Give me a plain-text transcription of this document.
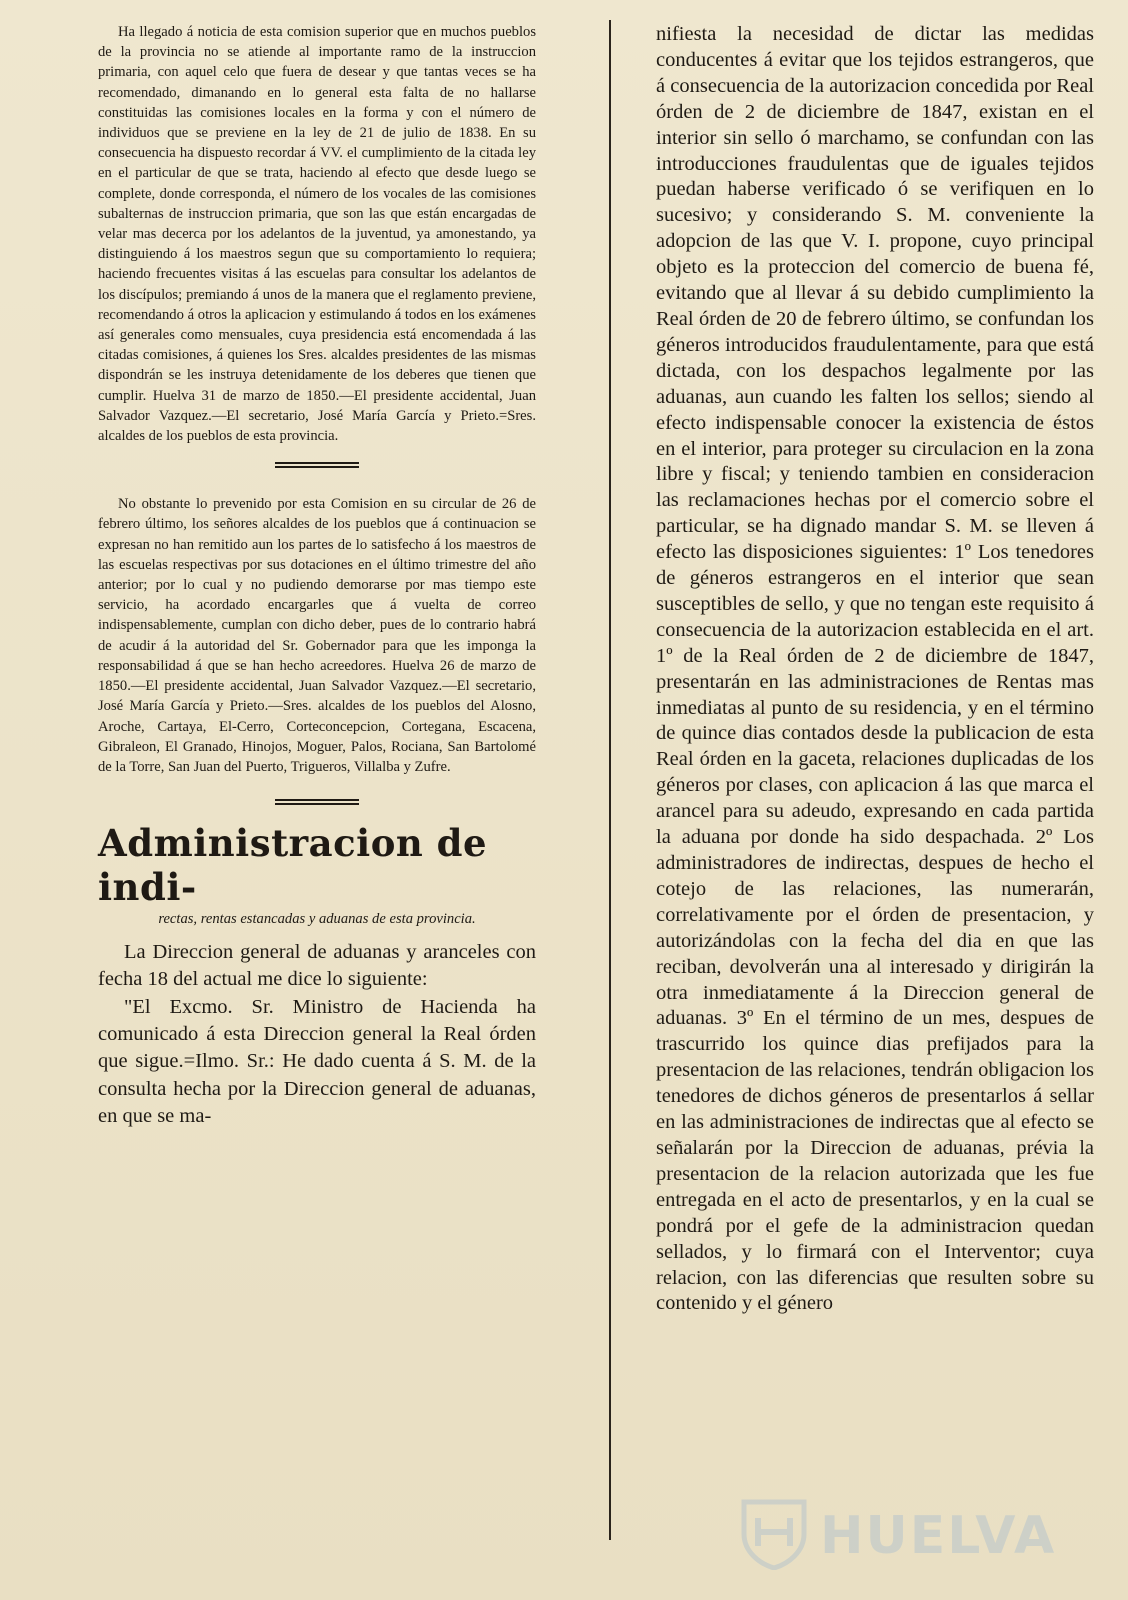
Ha llegado á noticia de esta comision superior que en muchos pueblos de la provincia no se atiende al importante ramo de la instruccion primaria, con aquel celo que fuera de desear y que tantas veces se ha recomendado, dimanando en lo general esta falta de no hallarse constituidas las comisiones locales en la forma y con el número de individuos que se previene en la ley de 21 de julio de 1838. En su consecuencia ha dispuesto recordar á VV. el cumplimiento de la citada ley en el particular de que se trata, haciendo al efecto que desde luego se complete, donde corresponda, el número de los vocales de las comisiones subalternas de instruccion primaria, que son las que están encargadas de velar mas decerca por los adelantos de la juventud, ya amonestando, ya distinguiendo á los maestros segun que su comportamiento lo requiera; haciendo frecuentes visitas á las escuelas para consultar los adelantos de los discípulos; premiando á unos de la manera que el reglamento previene, recomendando á otros la aplicacion y estimulando á todos en los exámenes así generales como mensuales, cuya presidencia está encomendada á las citadas comisiones, á quienes los Sres. alcaldes presidentes de las mismas dispondrán se les instruya detenidamente de los deberes que tienen que cumplir. Huelva 31 de marzo de 1850.—El presidente accidental, Juan Salvador Vazquez.—El secretario, José María García y Prieto.=Sres. alcaldes de los pueblos de esta provincia.

No obstante lo prevenido por esta Comision en su circular de 26 de febrero último, los señores alcaldes de los pueblos que á continuacion se expresan no han remitido aun los partes de lo satisfecho á los maestros de las escuelas respectivas por sus dotaciones en el último trimestre del año anterior; por lo cual y no pudiendo demorarse por mas tiempo este servicio, ha acordado encargarles que á vuelta de correo indispensablemente, cumplan con dicho deber, pues de lo contrario habrá de acudir á la autoridad del Sr. Gobernador para que les imponga la responsabilidad á que se han hecho acreedores. Huelva 26 de marzo de 1850.—El presidente accidental, Juan Salvador Vazquez.—El secretario, José María García y Prieto.—Sres. alcaldes de los pueblos del Alosno, Aroche, Cartaya, El-Cerro, Corteconcepcion, Cortegana, Escacena, Gibraleon, El Granado, Hinojos, Moguer, Palos, Rociana, San Bartolomé de la Torre, San Juan del Puerto, Trigueros, Villalba y Zufre.

Administracion de indi-
rectas, rentas estancadas y aduanas de esta provincia.

La Direccion general de aduanas y aranceles con fecha 18 del actual me dice lo siguiente:

"El Excmo. Sr. Ministro de Hacienda ha comunicado á esta Direccion general la Real órden que sigue.=Ilmo. Sr.: He dado cuenta á S. M. de la consulta hecha por la Direccion general de aduanas, en que se ma-

nifiesta la necesidad de dictar las medidas conducentes á evitar que los tejidos estrangeros, que á consecuencia de la autorizacion concedida por Real órden de 2 de diciembre de 1847, existan en el interior sin sello ó marchamo, se confundan con las introducciones fraudulentas que de iguales tejidos puedan haberse verificado ó se verifiquen en lo sucesivo; y considerando S. M. conveniente la adopcion de las que V. I. propone, cuyo principal objeto es la proteccion del comercio de buena fé, evitando que al llevar á su debido cumplimiento la Real órden de 20 de febrero último, se confundan los géneros introducidos fraudulentamente, para que está dictada, con los despachos legalmente por las aduanas, aun cuando les falten los sellos; siendo al efecto indispensable conocer la existencia de éstos en el interior, para proteger su circulacion en la zona libre y fiscal; y teniendo tambien en consideracion las reclamaciones hechas por el comercio sobre el particular, se ha dignado mandar S. M. se lleven á efecto las disposiciones siguientes: 1º Los tenedores de géneros estrangeros en el interior que sean susceptibles de sello, y que no tengan este requisito á consecuencia de la autorizacion establecida en el art. 1º de la Real órden de 2 de diciembre de 1847, presentarán en las administraciones de Rentas mas inmediatas al punto de su residencia, y en el término de quince dias contados desde la publicacion de esta Real órden en la gaceta, relaciones duplicadas de los géneros por clases, con aplicacion á las que marca el arancel para su adeudo, expresando en cada partida la aduana por donde ha sido despachada. 2º Los administradores de indirectas, despues de hecho el cotejo de las relaciones, las numerarán, correlativamente por el órden de presentacion, y autorizándolas con la fecha del dia en que las reciban, devolverán una al interesado y dirigirán la otra inmediatamente á la Direccion general de aduanas. 3º En el término de un mes, despues de trascurrido los quince dias prefijados para la presentacion de las relaciones, tendrán obligacion los tenedores de dichos géneros de presentarlos á sellar en las administraciones de indirectas que al efecto se señalarán por la Direccion de aduanas, prévia la presentacion de la relacion autorizada que les fue entregada en el acto de presentarlos, y en la cual se pondrá por el gefe de la administracion quedan sellados, y lo firmará con el Interventor; cuya relacion, con las diferencias que resulten sobre su contenido y el género

HUELVA
